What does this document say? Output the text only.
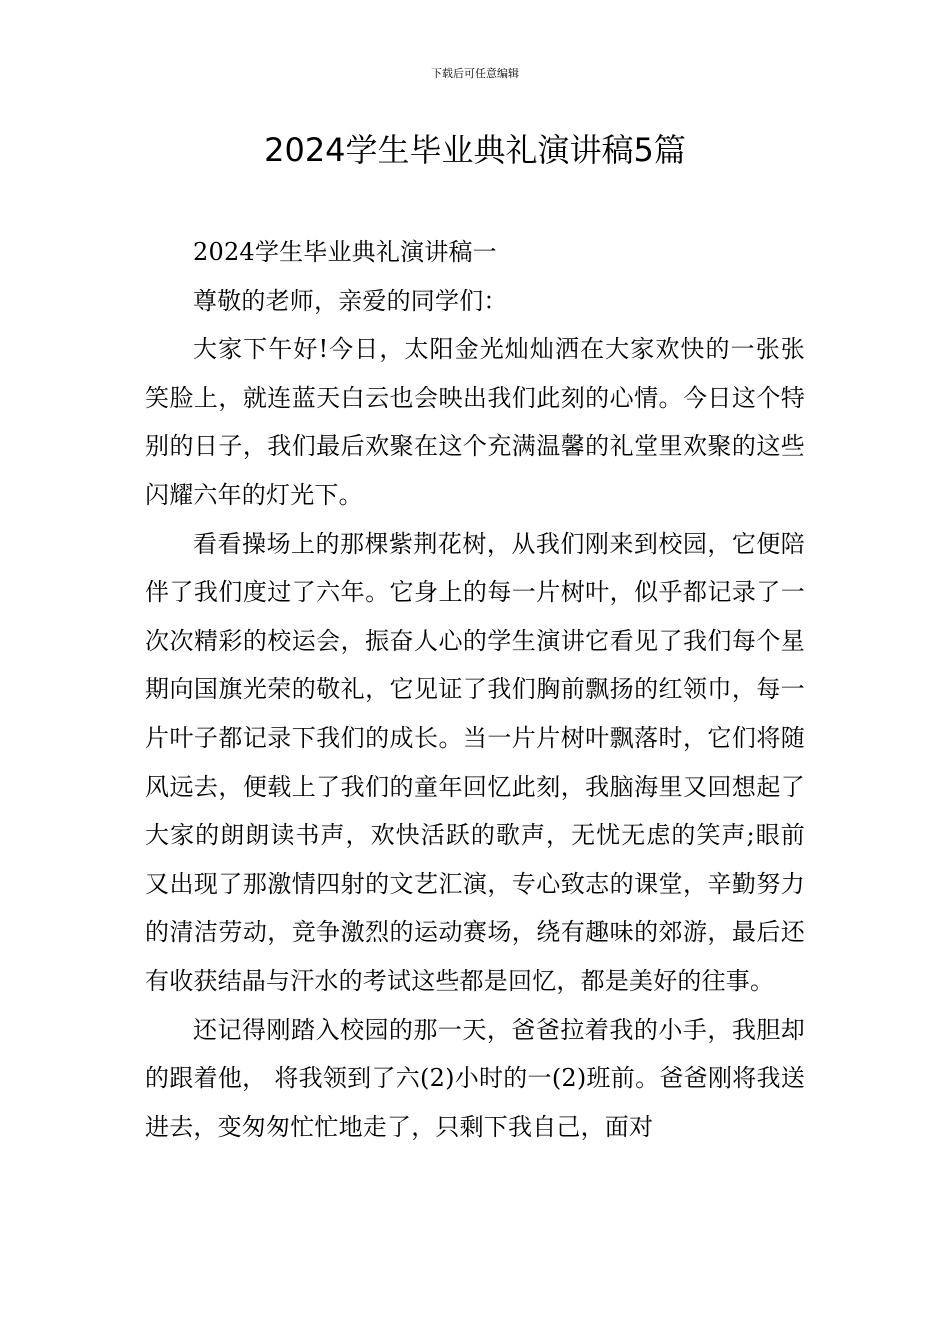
下载后可任意编辑
2024学生毕业典礼演讲稿5篇

2024学生毕业典礼演讲稿一

尊敬的老师，亲爱的同学们：

大家下午好!今日，太阳金光灿灿洒在大家欢快的一张张笑脸上，就连蓝天白云也会映出我们此刻的心情。今日这个特别的日子，我们最后欢聚在这个充满温馨的礼堂里欢聚的这些闪耀六年的灯光下。

看看操场上的那棵紫荆花树，从我们刚来到校园，它便陪伴了我们度过了六年。它身上的每一片树叶，似乎都记录了一次次精彩的校运会，振奋人心的学生演讲它看见了我们每个星期向国旗光荣的敬礼，它见证了我们胸前飘扬的红领巾，每一片叶子都记录下我们的成长。当一片片树叶飘落时，它们将随风远去，便载上了我们的童年回忆此刻，我脑海里又回想起了大家的朗朗读书声，欢快活跃的歌声，无忧无虑的笑声;眼前又出现了那激情四射的文艺汇演，专心致志的课堂，辛勤努力的清洁劳动，竞争激烈的运动赛场，绕有趣味的郊游，最后还有收获结晶与汗水的考试这些都是回忆，都是美好的往事。

还记得刚踏入校园的那一天，爸爸拉着我的小手，我胆却的跟着他， 将我领到了六(2)小时的一(2)班前。爸爸刚将我送进去，变匆匆忙忙地走了，只剩下我自己，面对
